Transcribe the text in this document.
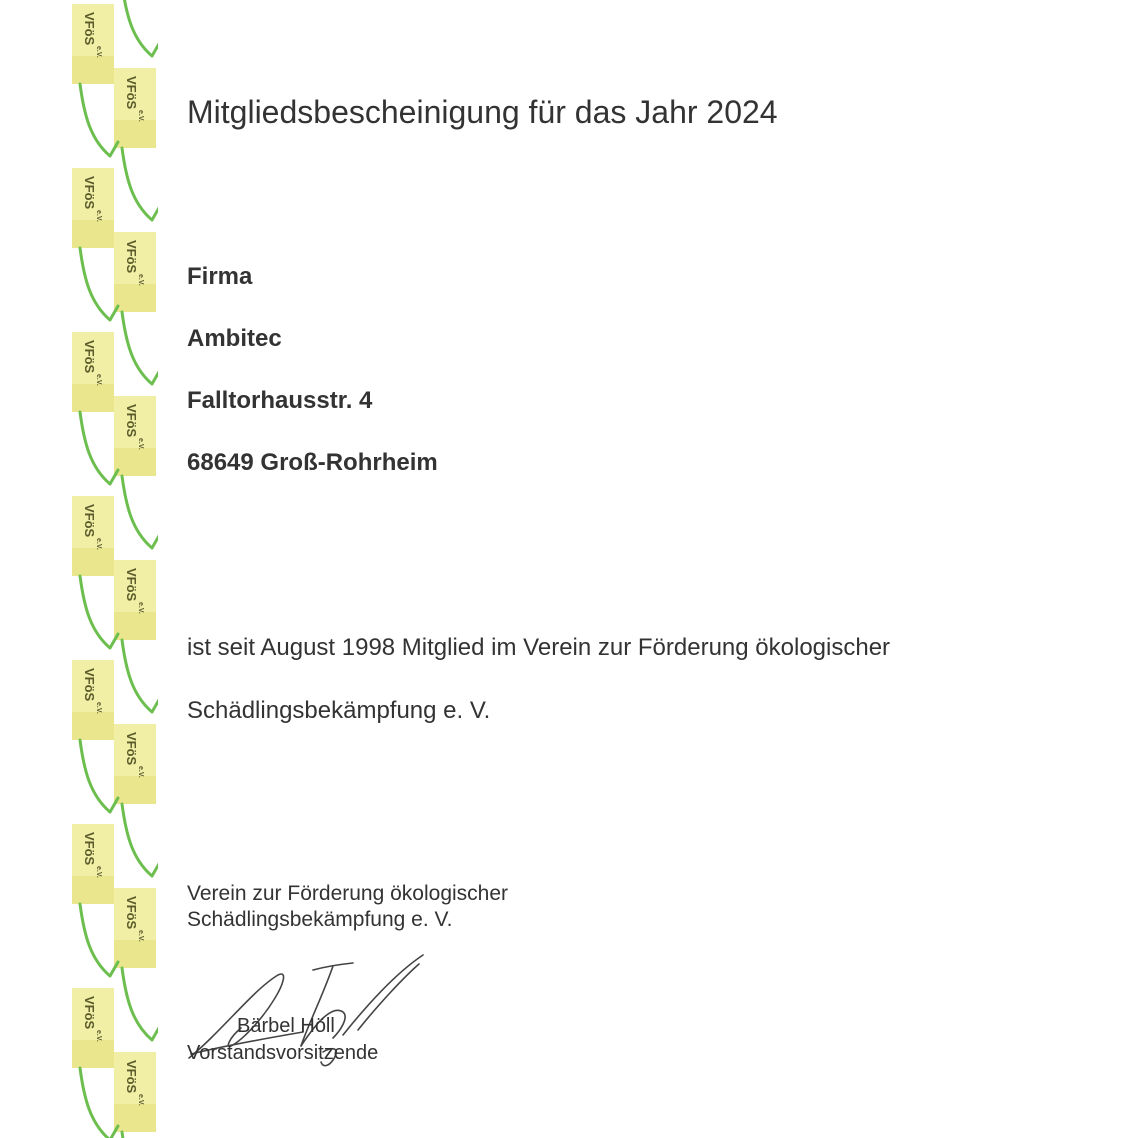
VFöS
e.V.
VFöS
e.V.
VFöS
e.V.
VFöS
e.V.
VFöS
e.V.
VFöS
e.V.
VFöS
e.V.
VFöS
e.V.
VFöS
e.V.
VFöS
e.V.
VFöS
e.V.
VFöS
e.V.
VFöS
e.V.
VFöS
e.V.
Mitgliedsbescheinigung für das Jahr 2024
Firma
Ambitec
Falltorhausstr. 4
68649 Groß-Rohrheim
ist seit August 1998 Mitglied im Verein zur Förderung ökologischer
Schädlingsbekämpfung e. V.
Verein zur Förderung ökologischer
Schädlingsbekämpfung e. V.
Bärbel Höll
Vorstandsvorsitzende
